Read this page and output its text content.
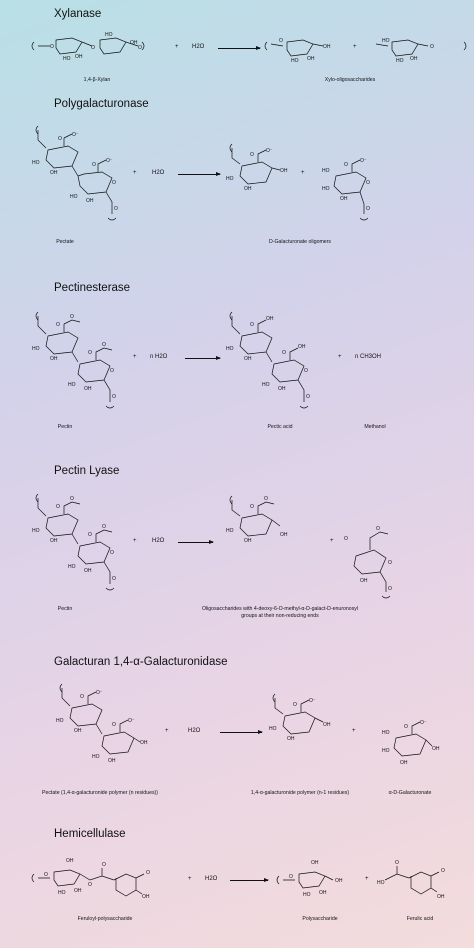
Xylanase
O
HO OH
O
HO
OH
O
1,4-β-Xylan
+ H2O →
O
HO OH
OH	+
HO
HO OH
O
Xylo-oligosaccharides
Polygalacturonase
O
O⁻
HO
OH
O
O⁻
HO
OH
O
O
Pectate
+	H2O →
O
O⁻
HO
OH
OH +	HO
O
O⁻
HO
OH
O
O
D-Galacturonate oligomers
Pectinesterase
O
O
HO
OH
O
O
HO
OH
O
O
Pectin
+ n H2O →
O
OH
HO
OH
O
OH
HO
OH
O
O
Pectic acid
+ n CH3OH
Methanol
Pectin Lyase
O
O
HO
OH
O
O
HO
OH
O
O
Pectin
+	H2O →
O
O
HO
OH
OH
+
O
O
OH
O
O
Oligosaccharides with 4-deoxy-6-O-methyl-α-D-galact-D-enuronosyl groups at their non-reducing ends
Galacturan 1,4-α-Galacturonidase
O
O⁻
HO
OH
O
O⁻
HO
OH
OH
Pectate (1,4-α-galacturonide polymer (n residues))
+	H2O →
O
O⁻
HO
OH
OH
1,4-α-galacturonide polymer (n-1 residues)
+	HO
O
O⁻
HO
OH
OH
α-D-Galacturonate
Hemicellulase
O
OH
HO OH
O
O
O
OH
Feruloyl-polysaccharide
+ H2O →
O
OH
HO OH
OH
Polysaccharide
+
HO
O
O
OH
Ferulic acid
